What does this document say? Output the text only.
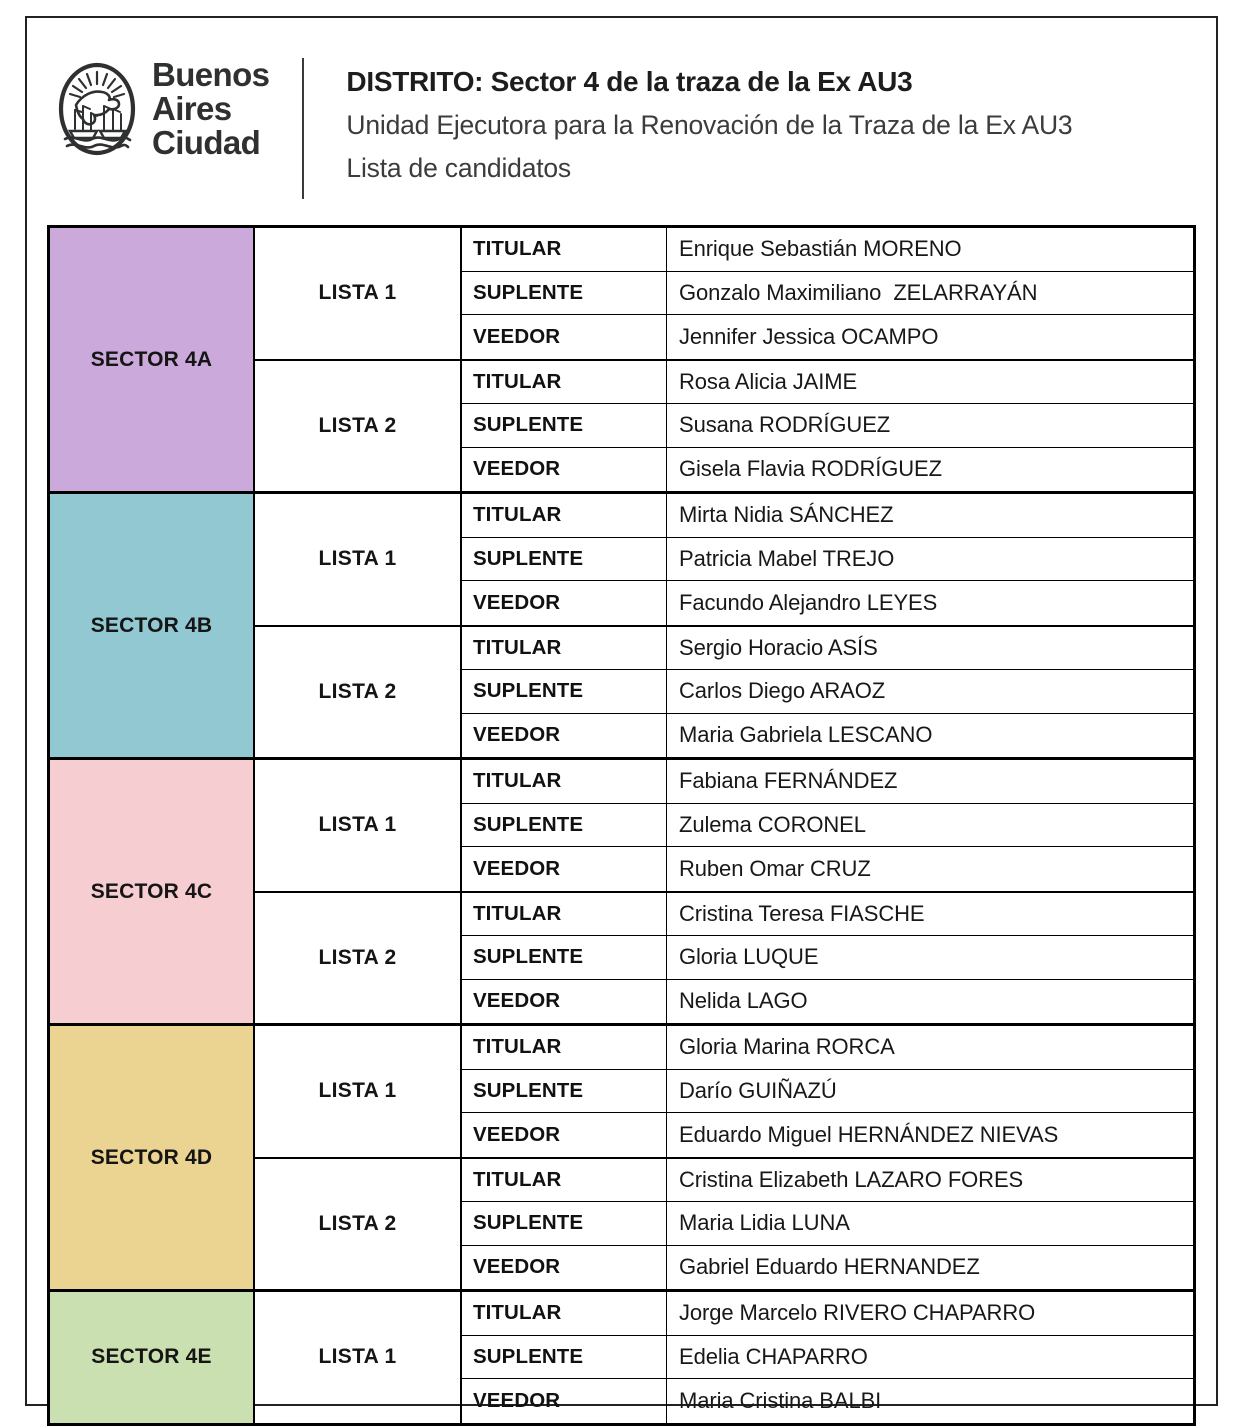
Buenos
Aires
Ciudad
DISTRITO: Sector 4 de la traza de la Ex AU3
Unidad Ejecutora para la Renovación de la Traza de la Ex AU3
Lista de candidatos
SECTOR 4A
LISTA 1
TITULAR	Enrique Sebastián MORENO
SUPLENTE	Gonzalo Maximiliano  ZELARRAYÁN
VEEDOR	Jennifer Jessica OCAMPO
LISTA 2
TITULAR	Rosa Alicia JAIME
SUPLENTE	Susana RODRÍGUEZ
VEEDOR	Gisela Flavia RODRÍGUEZ
SECTOR 4B
LISTA 1
TITULAR	Mirta Nidia SÁNCHEZ
SUPLENTE	Patricia Mabel TREJO
VEEDOR	Facundo Alejandro LEYES
LISTA 2
TITULAR	Sergio Horacio ASÍS
SUPLENTE	Carlos Diego ARAOZ
VEEDOR	Maria Gabriela LESCANO
SECTOR 4C
LISTA 1
TITULAR	Fabiana FERNÁNDEZ
SUPLENTE	Zulema CORONEL
VEEDOR	Ruben Omar CRUZ
LISTA 2
TITULAR	Cristina Teresa FIASCHE
SUPLENTE	Gloria LUQUE
VEEDOR	Nelida LAGO
SECTOR 4D
LISTA 1
TITULAR	Gloria Marina RORCA
SUPLENTE	Darío GUIÑAZÚ
VEEDOR	Eduardo Miguel HERNÁNDEZ NIEVAS
LISTA 2
TITULAR	Cristina Elizabeth LAZARO FORES
SUPLENTE	Maria Lidia LUNA
VEEDOR	Gabriel Eduardo HERNANDEZ
SECTOR 4E	LISTA 1
TITULAR	Jorge Marcelo RIVERO CHAPARRO
SUPLENTE	Edelia CHAPARRO
VEEDOR	Maria Cristina BALBI
